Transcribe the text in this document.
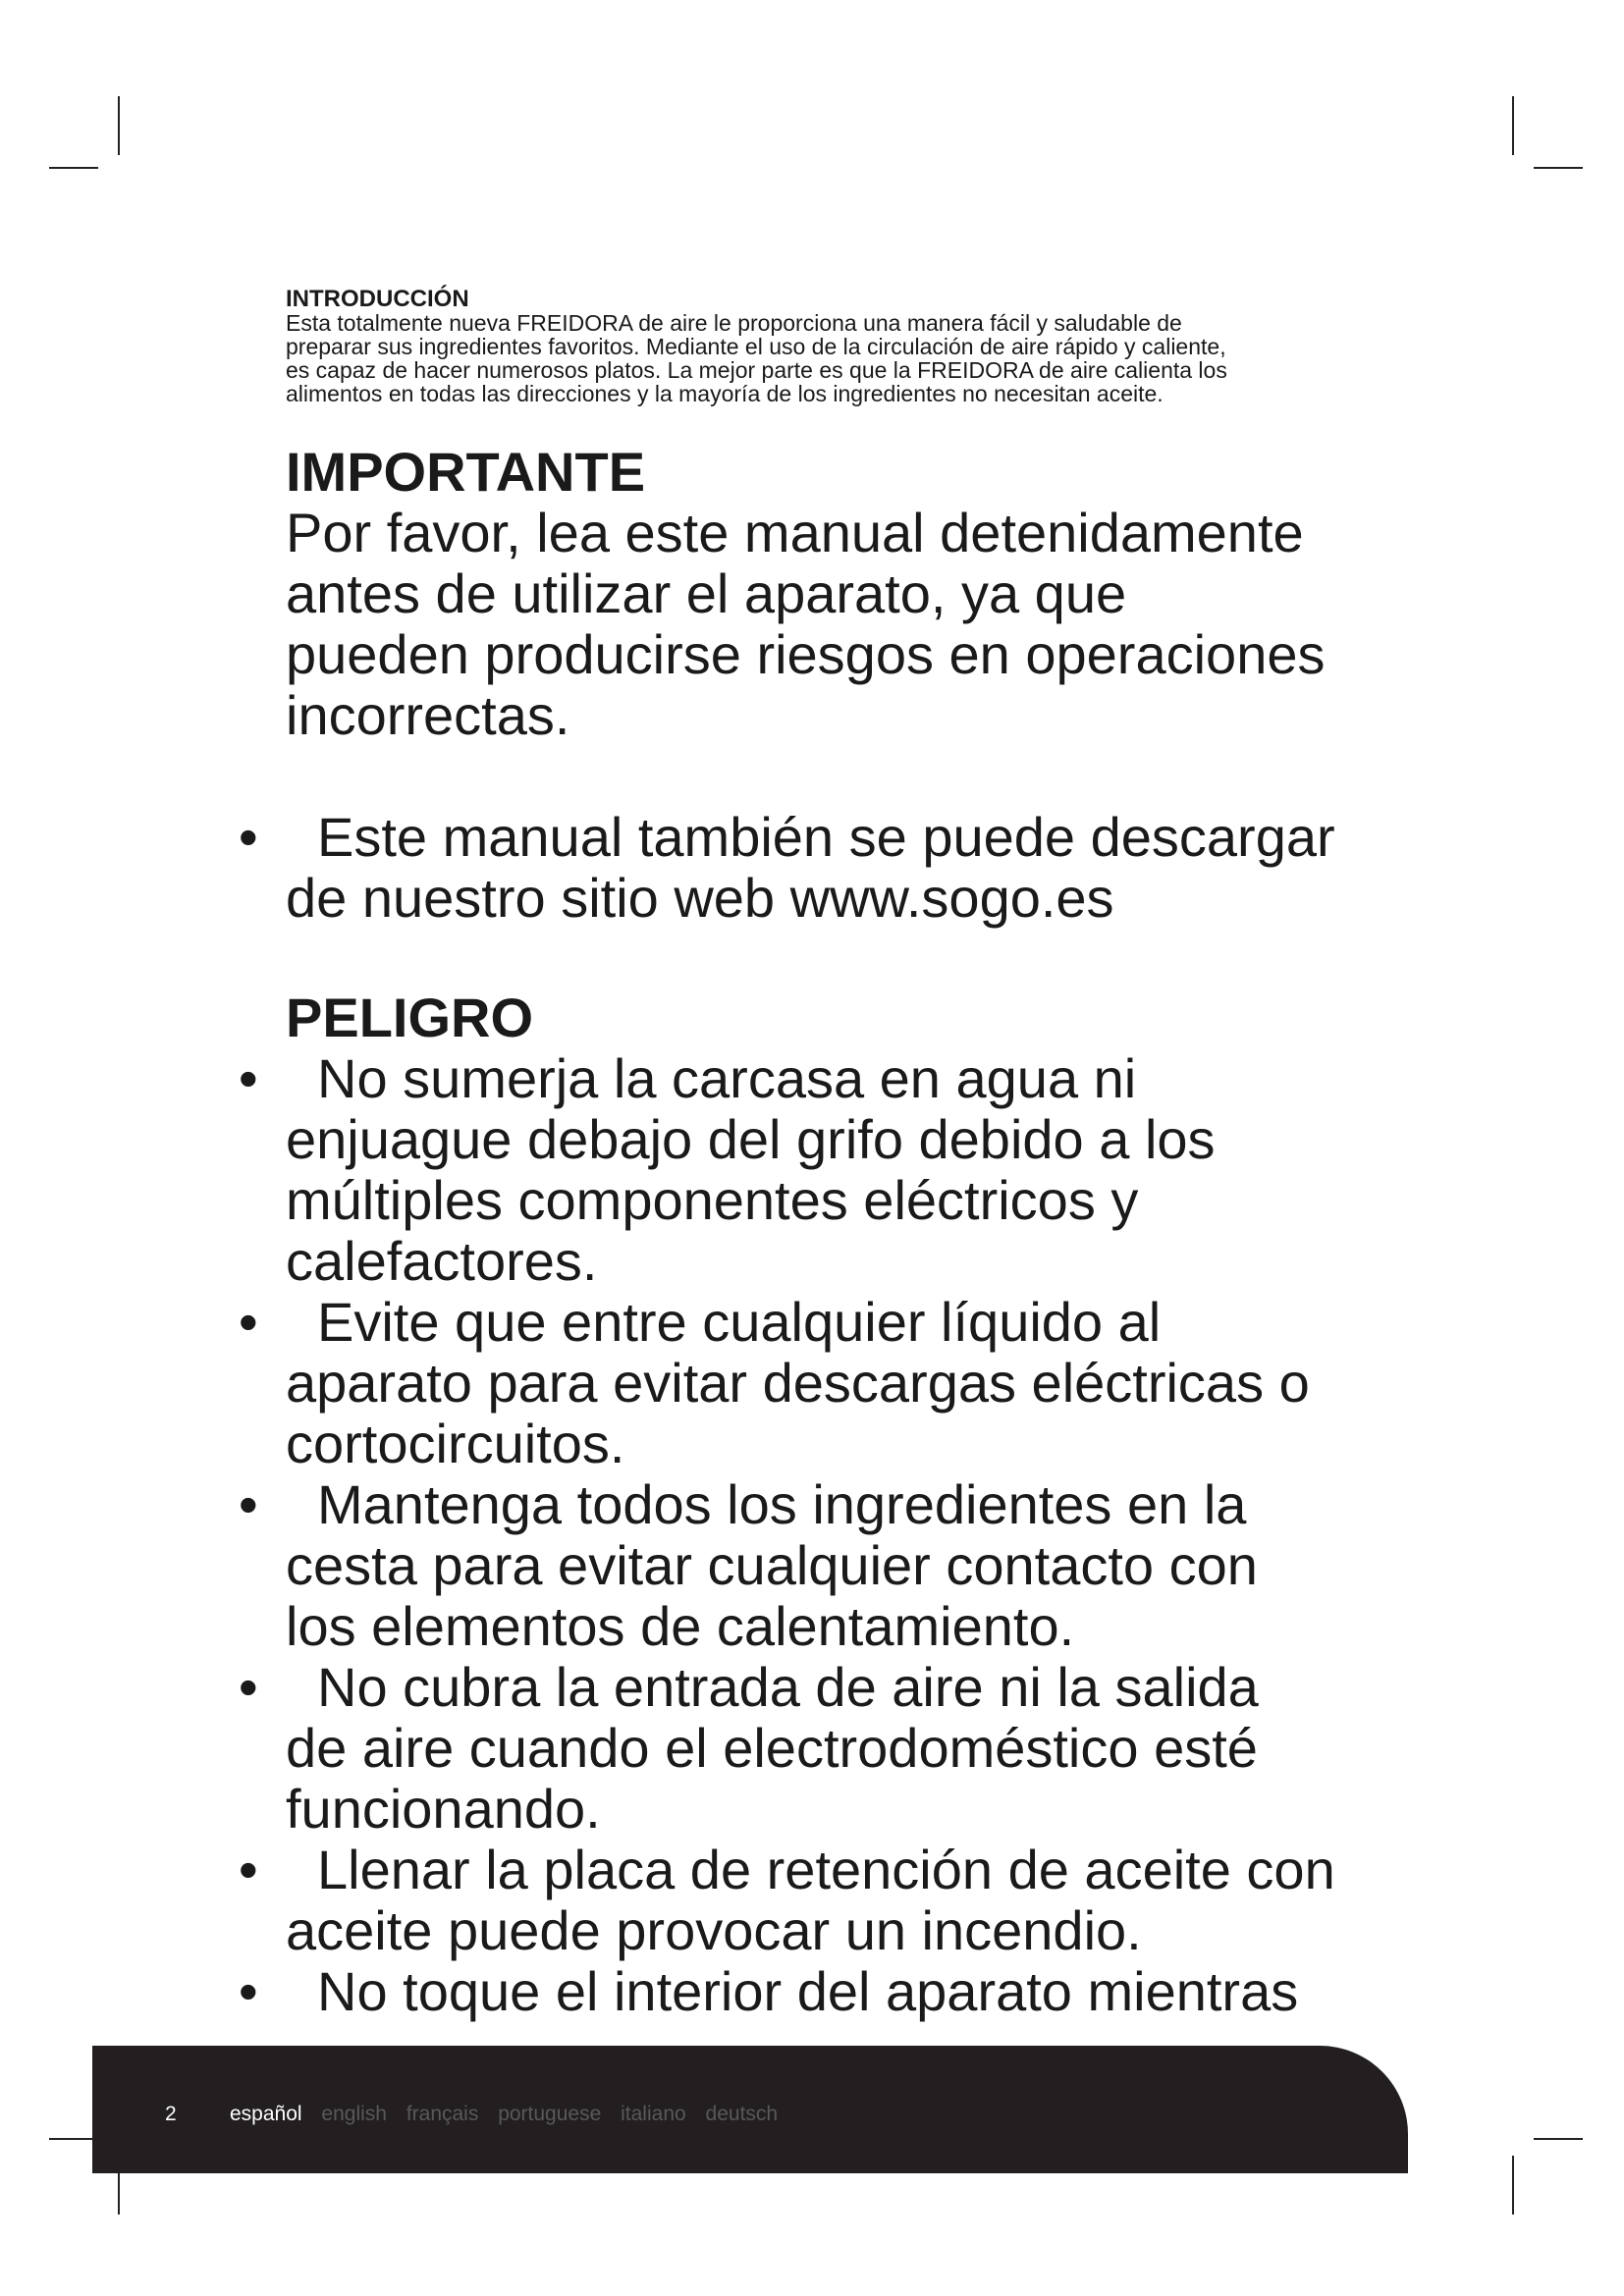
INTRODUCCIÓN

Esta totalmente nueva FREIDORA de aire le proporciona una manera fácil y saludable de

preparar sus ingredientes favoritos. Mediante el uso de la circulación de aire rápido y caliente,

es capaz de hacer numerosos platos. La mejor parte es que la FREIDORA de aire calienta los

alimentos en todas las direcciones y la mayoría de los ingredientes no necesitan aceite.

IMPORTANTE

Por favor, lea este manual detenidamente

antes de utilizar el aparato, ya que

pueden producirse riesgos en operaciones

incorrectas.

• Este manual también se puede descargar
de nuestro sitio web www.sogo.es

PELIGRO

• No sumerja la carcasa en agua ni
enjuague debajo del grifo debido a los
múltiples componentes eléctricos y
calefactores.
• Evite que entre cualquier líquido al
aparato para evitar descargas eléctricas o
cortocircuitos.
• Mantenga todos los ingredientes en la
cesta para evitar cualquier contacto con
los elementos de calentamiento.
• No cubra la entrada de aire ni la salida
de aire cuando el electrodoméstico esté
funcionando.
• Llenar la placa de retención de aceite con
aceite puede provocar un incendio.
• No toque el interior del aparato mientras
2	español english français portuguese italiano deutsch
